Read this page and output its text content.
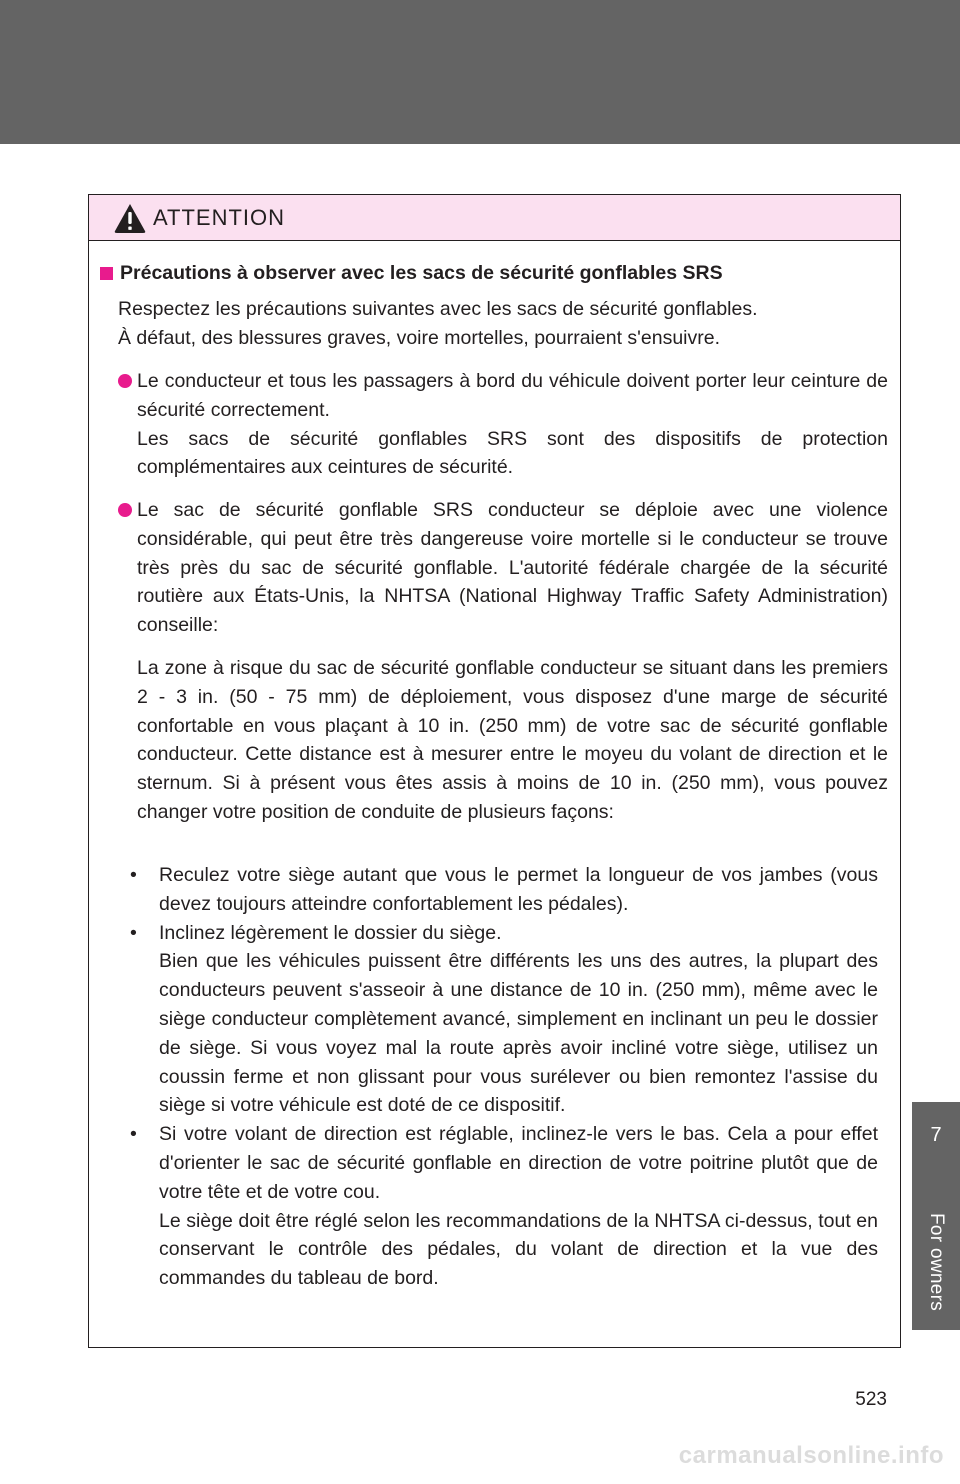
ATTENTION
Précautions à observer avec les sacs de sécurité gonflables SRS

Respectez les précautions suivantes avec les sacs de sécurité gonflables.

À défaut, des blessures graves, voire mortelles, pourraient s'ensuivre.

Le conducteur et tous les passagers à bord du véhicule doivent porter leur ceinture de sécurité correctement.

Les sacs de sécurité gonflables SRS sont des dispositifs de protection complémentaires aux ceintures de sécurité.

Le sac de sécurité gonflable SRS conducteur se déploie avec une violence considérable, qui peut être très dangereuse voire mortelle si le conducteur se trouve très près du sac de sécurité gonflable. L'autorité fédérale chargée de la sécurité routière aux États-Unis, la NHTSA (National Highway Traffic Safety Administration) conseille:

La zone à risque du sac de sécurité gonflable conducteur se situant dans les premiers 2 - 3 in. (50 - 75 mm) de déploiement, vous disposez d'une marge de sécurité confortable en vous plaçant à 10 in. (250 mm) de votre sac de sécurité gonflable conducteur. Cette distance est à mesurer entre le moyeu du volant de direction et le sternum. Si à présent vous êtes assis à moins de 10 in. (250 mm), vous pouvez changer votre position de conduite de plusieurs façons:

•	Reculez votre siège autant que vous le permet la longueur de vos jambes (vous devez toujours atteindre confortablement les pédales).

•	Inclinez légèrement le dossier du siège.

Bien que les véhicules puissent être différents les uns des autres, la plupart des conducteurs peuvent s'asseoir à une distance de 10 in. (250 mm), même avec le siège conducteur complètement avancé, simplement en inclinant un peu le dossier de siège. Si vous voyez mal la route après avoir incliné votre siège, utilisez un coussin ferme et non glissant pour vous surélever ou bien remontez l'assise du siège si votre véhicule est doté de ce dispositif.

•	Si votre volant de direction est réglable, inclinez-le vers le bas. Cela a pour effet d'orienter le sac de sécurité gonflable en direction de votre poitrine plutôt que de votre tête et de votre cou.

Le siège doit être réglé selon les recommandations de la NHTSA ci-dessus, tout en conservant le contrôle des pédales, du volant de direction et la vue des commandes du tableau de bord.

7
For owners
523
carmanualsonline.info
